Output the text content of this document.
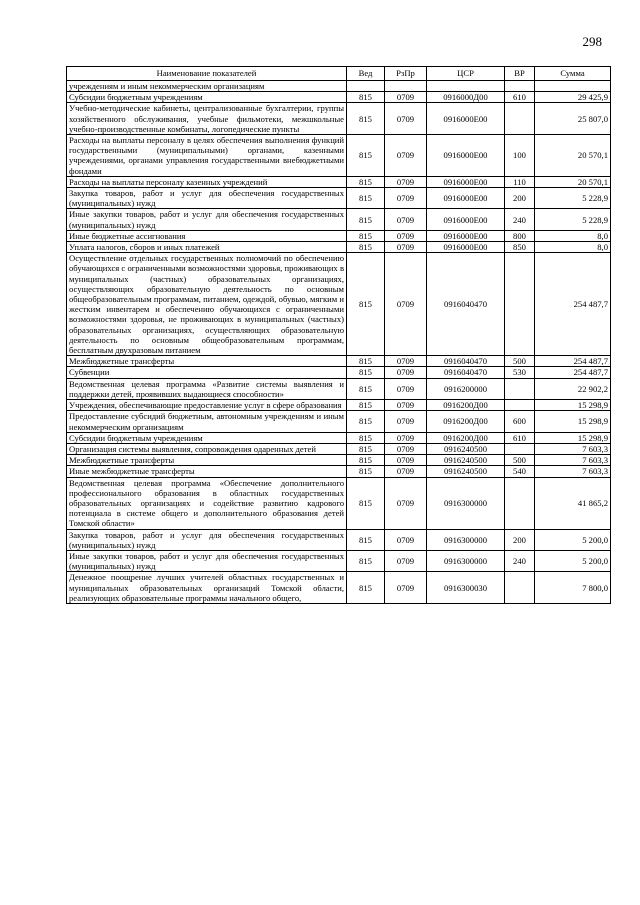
298
Наименование показателей	Вед	РзПр	ЦСР	ВР	Сумма
учреждениям и иным некоммерческим организациям					
Субсидии бюджетным учреждениям	815	0709	0916000Д00	610	29 425,9
Учебно-методические кабинеты, централизованные бухгалтерии, группы хозяйственного обслуживания, учебные фильмотеки, межшкольные учебно-производственные комбинаты, логопедические пункты	815	0709	0916000Е00		25 807,0
Расходы на выплаты персоналу в целях обеспечения выполнения функций государственными (муниципальными) органами, казенными учреждениями, органами управления государственными внебюджетными фондами	815	0709	0916000Е00	100	20 570,1
Расходы на выплаты персоналу казенных учреждений	815	0709	0916000Е00	110	20 570,1
Закупка товаров, работ и услуг для обеспечения государственных (муниципальных) нужд	815	0709	0916000Е00	200	5 228,9
Иные закупки товаров, работ и услуг для обеспечения государственных (муниципальных) нужд	815	0709	0916000Е00	240	5 228,9
Иные бюджетные ассигнования	815	0709	0916000Е00	800	8,0
Уплата налогов, сборов и иных платежей	815	0709	0916000Е00	850	8,0
Осуществление отдельных государственных полномочий по обеспечению обучающихся с ограниченными возможностями здоровья, проживающих в муниципальных (частных) образовательных организациях, осуществляющих образовательную деятельность по основным общеобразовательным программам, питанием, одеждой, обувью, мягким и жестким инвентарем и обеспечению обучающихся с ограниченными возможностями здоровья, не проживающих в муниципальных (частных) образовательных организациях, осуществляющих образовательную деятельность по основным общеобразовательным программам, бесплатным двухразовым питанием	815	0709	0916040470		254 487,7
Межбюджетные трансферты	815	0709	0916040470	500	254 487,7
Субвенции	815	0709	0916040470	530	254 487,7
Ведомственная целевая программа «Развитие системы выявления и поддержки детей, проявивших выдающиеся способности»	815	0709	0916200000		22 902,2
Учреждения, обеспечивающие предоставление услуг в сфере образования	815	0709	0916200Д00		15 298,9
Предоставление субсидий бюджетным, автономным учреждениям и иным некоммерческим организациям	815	0709	0916200Д00	600	15 298,9
Субсидии бюджетным учреждениям	815	0709	0916200Д00	610	15 298,9
Организация системы выявления, сопровождения одаренных детей	815	0709	0916240500		7 603,3
Межбюджетные трансферты	815	0709	0916240500	500	7 603,3
Иные межбюджетные трансферты	815	0709	0916240500	540	7 603,3
Ведомственная целевая программа «Обеспечение дополнительного профессионального образования в областных государственных образовательных организациях и содействие развитию кадрового потенциала в системе общего и дополнительного образования детей Томской области»	815	0709	0916300000		41 865,2
Закупка товаров, работ и услуг для обеспечения государственных (муниципальных) нужд	815	0709	0916300000	200	5 200,0
Иные закупки товаров, работ и услуг для обеспечения государственных (муниципальных) нужд	815	0709	0916300000	240	5 200,0
Денежное поощрение лучших учителей областных государственных и муниципальных образовательных организаций Томской области, реализующих образовательные программы начального общего,	815	0709	0916300030		7 800,0
